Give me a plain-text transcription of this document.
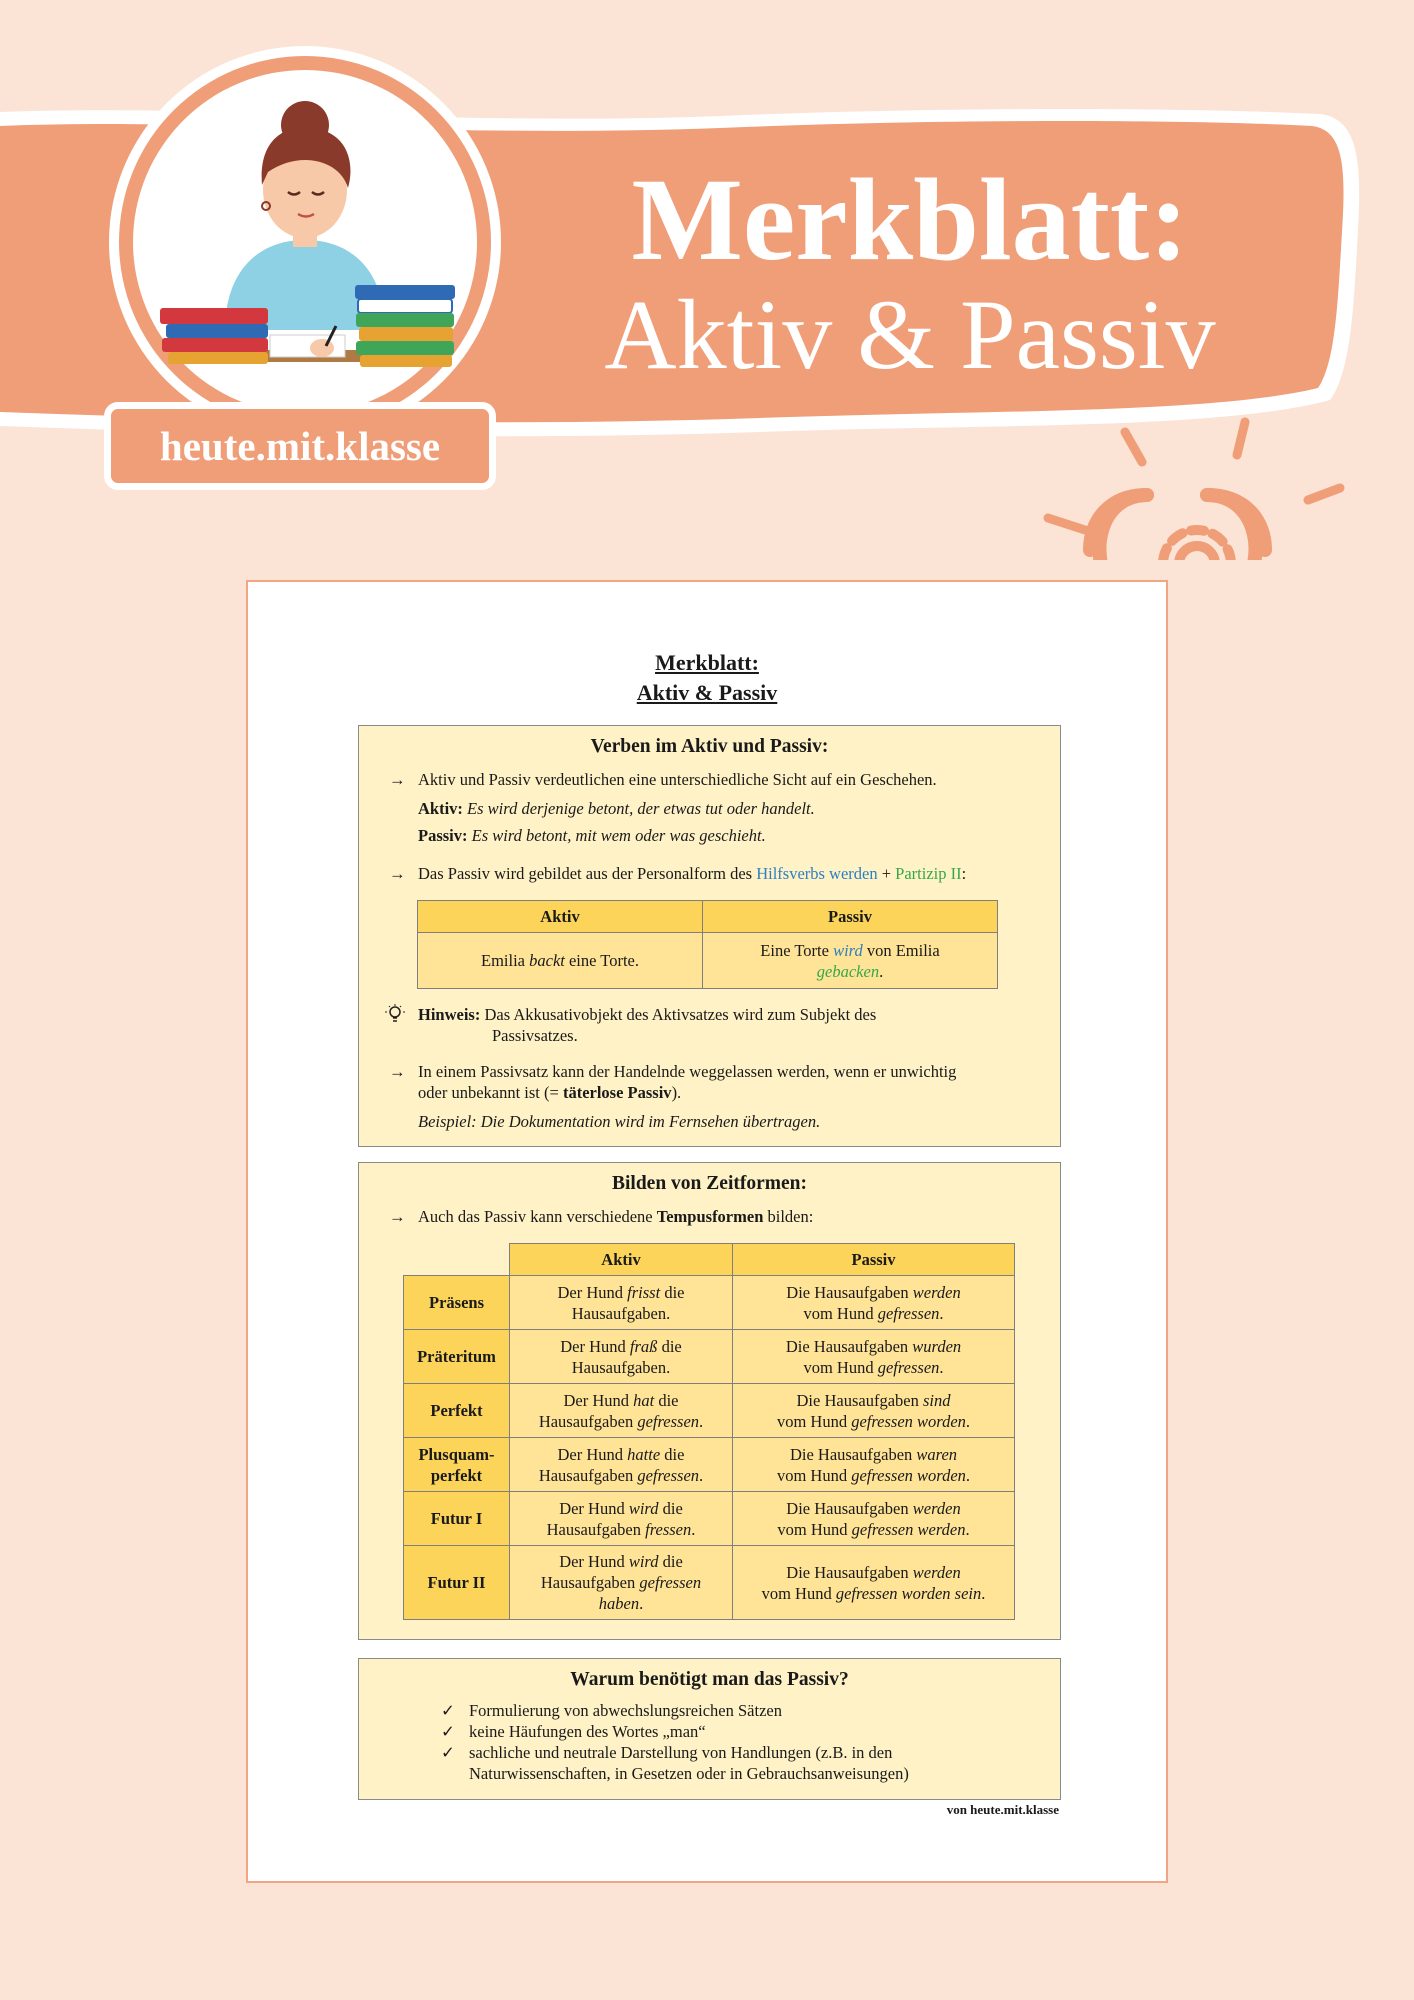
Merkblatt:
Aktiv & Passiv
heute.mit.klasse
Merkblatt:
Aktiv & Passiv
Verben im Aktiv und Passiv:
→ Aktiv und Passiv verdeutlichen eine unterschiedliche Sicht auf ein Geschehen.
Aktiv: Es wird derjenige betont, der etwas tut oder handelt.
Passiv: Es wird betont, mit wem oder was geschieht.
→ Das Passiv wird gebildet aus der Personalform des Hilfsverbs werden + Partizip II:
Aktiv	Passiv
Emilia backt eine Torte.	Eine Torte wird von Emilia
gebacken.
Hinweis: Das Akkusativobjekt des Aktivsatzes wird zum Subjekt des
Passivsatzes.
→ In einem Passivsatz kann der Handelnde weggelassen werden, wenn er unwichtig
oder unbekannt ist (= täterlose Passiv).
Beispiel: Die Dokumentation wird im Fernsehen übertragen.
Bilden von Zeitformen:
→ Auch das Passiv kann verschiedene Tempusformen bilden:
	Aktiv	Passiv
Präsens	Der Hund frisst die
Hausaufgaben.	Die Hausaufgaben werden
vom Hund gefressen.
Präteritum	Der Hund fraß die
Hausaufgaben.	Die Hausaufgaben wurden
vom Hund gefressen.
Perfekt	Der Hund hat die
Hausaufgaben gefressen.	Die Hausaufgaben sind
vom Hund gefressen worden.
Plusquam-
perfekt	Der Hund hatte die
Hausaufgaben gefressen.	Die Hausaufgaben waren
vom Hund gefressen worden.
Futur I	Der Hund wird die
Hausaufgaben fressen.	Die Hausaufgaben werden
vom Hund gefressen werden.
Futur II	Der Hund wird die
Hausaufgaben gefressen
haben.	Die Hausaufgaben werden
vom Hund gefressen worden sein.
Warum benötigt man das Passiv?
✓ Formulierung von abwechslungsreichen Sätzen
✓ keine Häufungen des Wortes „man“
✓ sachliche und neutrale Darstellung von Handlungen (z.B. in den
Naturwissenschaften, in Gesetzen oder in Gebrauchsanweisungen)
von heute.mit.klasse
